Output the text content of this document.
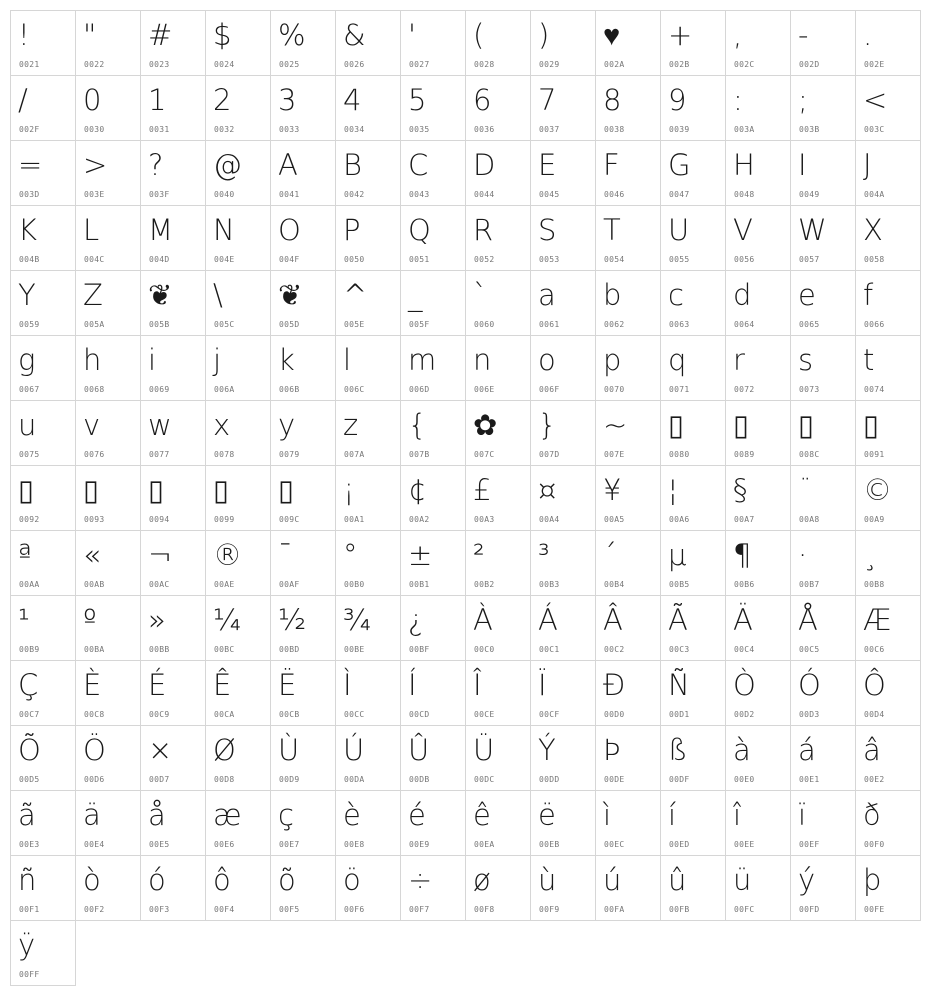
!
0021
"
0022
#
0023
$
0024
%
0025
&
0026
'
0027
(
0028
)
0029
♥
002A
+
002B
,
002C
-
002D
.
002E
/
002F
0
0030
1
0031
2
0032
3
0033
4
0034
5
0035
6
0036
7
0037
8
0038
9
0039
:
003A
;
003B
<
003C
=
003D
>
003E
?
003F
@
0040
A
0041
B
0042
C
0043
D
0044
E
0045
F
0046
G
0047
H
0048
I
0049
J
004A
K
004B
L
004C
M
004D
N
004E
O
004F
P
0050
Q
0051
R
0052
S
0053
T
0054
U
0055
V
0056
W
0057
X
0058
Y
0059
Z
005A
❦
005B
\
005C
❦
005D
^
005E
_
005F
`
0060
a
0061
b
0062
c
0063
d
0064
e
0065
f
0066
g
0067
h
0068
i
0069
j
006A
k
006B
l
006C
m
006D
n
006E
o
006F
p
0070
q
0071
r
0072
s
0073
t
0074
u
0075
v
0076
w
0077
x
0078
y
0079
z
007A
{
007B
✿
007C
}
007D
~
007E
▯
0080
▯
0089
▯
008C
▯
0091
▯
0092
▯
0093
▯
0094
▯
0099
▯
009C
¡
00A1
¢
00A2
£
00A3
¤
00A4
¥
00A5
¦
00A6
§
00A7
¨
00A8
©
00A9
ª
00AA
«
00AB
¬
00AC
®
00AE
¯
00AF
°
00B0
±
00B1
²
00B2
³
00B3
´
00B4
µ
00B5
¶
00B6
·
00B7
¸
00B8
¹
00B9
º
00BA
»
00BB
¼
00BC
½
00BD
¾
00BE
¿
00BF
À
00C0
Á
00C1
Â
00C2
Ã
00C3
Ä
00C4
Å
00C5
Æ
00C6
Ç
00C7
È
00C8
É
00C9
Ê
00CA
Ë
00CB
Ì
00CC
Í
00CD
Î
00CE
Ï
00CF
Ð
00D0
Ñ
00D1
Ò
00D2
Ó
00D3
Ô
00D4
Õ
00D5
Ö
00D6
×
00D7
Ø
00D8
Ù
00D9
Ú
00DA
Û
00DB
Ü
00DC
Ý
00DD
Þ
00DE
ß
00DF
à
00E0
á
00E1
â
00E2
ã
00E3
ä
00E4
å
00E5
æ
00E6
ç
00E7
è
00E8
é
00E9
ê
00EA
ë
00EB
ì
00EC
í
00ED
î
00EE
ï
00EF
ð
00F0
ñ
00F1
ò
00F2
ó
00F3
ô
00F4
õ
00F5
ö
00F6
÷
00F7
ø
00F8
ù
00F9
ú
00FA
û
00FB
ü
00FC
ý
00FD
þ
00FE
ÿ
00FF
